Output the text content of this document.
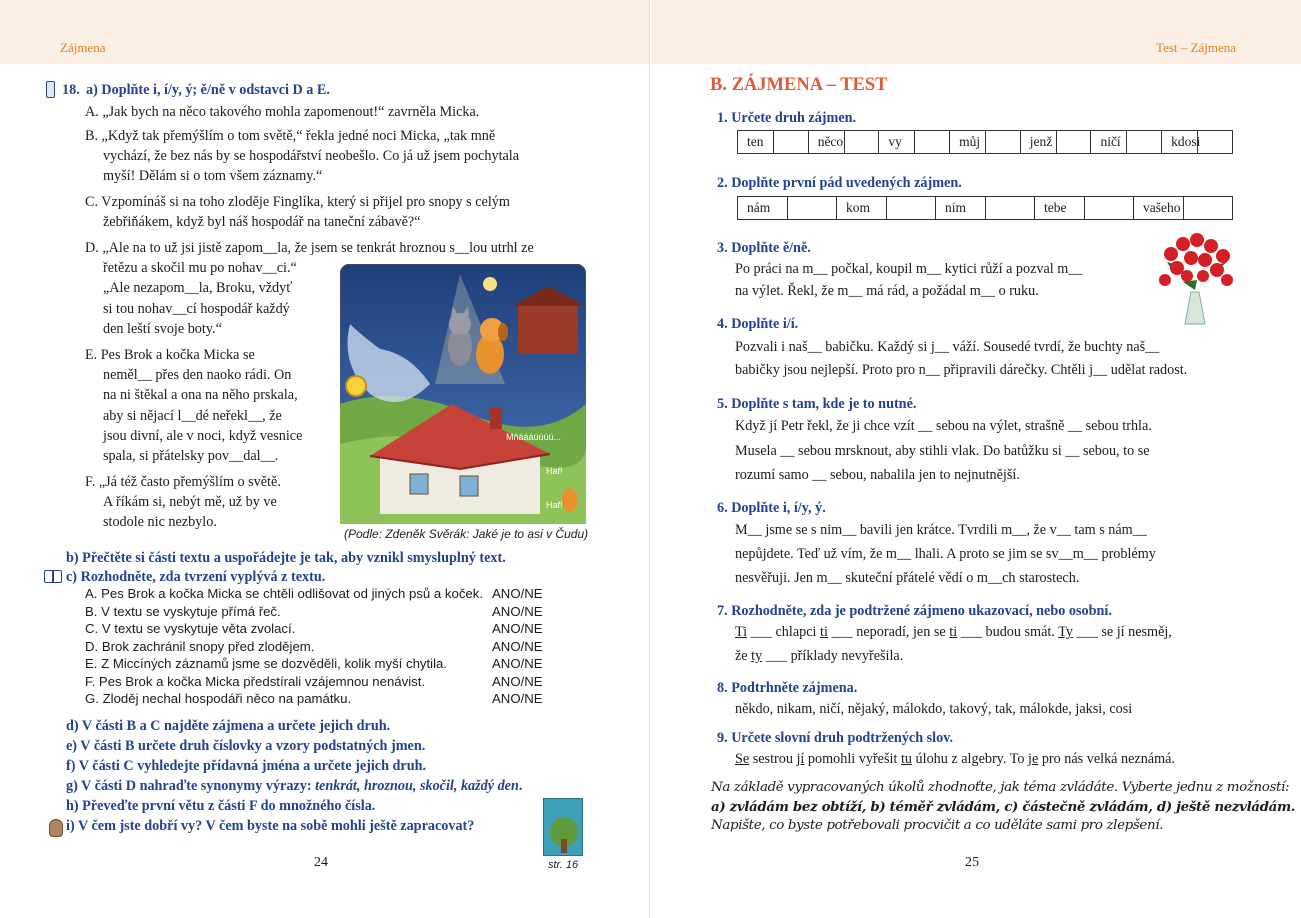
Zájmena
18. a) Doplňte i, í/y, ý; ě/ně v odstavci D a E.
A. „Jak bych na něco takového mohla zapomenout!“ zavrněla Micka.
B. „Když tak přemýšlím o tom světě,“ řekla jedné noci Micka, „tak mně
vychází, že bez nás by se hospodářství neobešlo. Co já už jsem pochytala
myší! Dělám si o tom všem záznamy.“
C. Vzpomínáš si na toho zloděje Finglíka, který si přijel pro snopy s celým
žebřiňákem, když byl náš hospodář na taneční zábavě?“
D. „Ale na to už jsi jistě zapom__la, že jsem se tenkrát hroznou s__lou utrhl ze
řetězu a skočil mu po nohav__ci.“
„Ale nezapom__la, Broku, vždyť
si tou nohav__cí hospodář každý
den leští svoje boty.“
E. Pes Brok a kočka Micka se
neměl__ přes den naoko rádi. On
na ni štěkal a ona na něho prskala,
aby si nějací l__dé neřekl__, že
jsou divní, ale v noci, když vesnice
spala, si přátelsky pov__dal__.
F. „Já též často přemýšlím o světě.
A říkám si, nebýt mě, už by ve
stodole nic nezbylo.
Mňáááúúúú...
Haf!
Haf!
(Podle: Zdeněk Svěrák: Jaké je to asi v Čudu)
b) Přečtěte si části textu a uspořádejte je tak, aby vznikl smysluplný text.
c) Rozhodněte, zda tvrzení vyplývá z textu.
A. Pes Brok a kočka Micka se chtěli odlišovat od jiných psů a koček. ANO/NE
B. V textu se vyskytuje přímá řeč.	ANO/NE
C. V textu se vyskytuje věta zvolací.	ANO/NE
D. Brok zachránil snopy před zlodějem.	ANO/NE
E. Z Miccíných záznamů jsme se dozvěděli, kolik myší chytila.	ANO/NE
F. Pes Brok a kočka Micka předstírali vzájemnou nenávist.	ANO/NE
G. Zloděj nechal hospodáři něco na památku.	ANO/NE
d) V části B a C najděte zájmena a určete jejich druh.
e) V části B určete druh číslovky a vzory podstatných jmen.
f) V části C vyhledejte přídavná jména a určete jejich druh.
g) V části D nahraďte synonymy výrazy: tenkrát, hroznou, skočil, každý den.
h) Převeďte první větu z části F do množného čísla.
i) V čem jste dobří vy? V čem byste na sobě mohli ještě zapracovat?
str. 16
24
Test – Zájmena
B. ZÁJMENA – TEST
1. Určete druh zájmen.
ten	něco	vy	můj	jenž	ničí	kdosi
2. Doplňte první pád uvedených zájmen.
nám	kom	ním	tebe	vašeho
3. Doplňte ě/ně.
Po práci na m__ počkal, koupil m__ kytici růží a pozval m__
na výlet. Řekl, že m__ má rád, a požádal m__ o ruku.
4. Doplňte i/í.
Pozvali i naš__ babičku. Každý si j__ váží. Sousedé tvrdí, že buchty naš__
babičky jsou nejlepší. Proto pro n__ připravili dárečky. Chtěli j__ udělat radost.
5. Doplňte s tam, kde je to nutné.
Když jí Petr řekl, že ji chce vzít __ sebou na výlet, strašně __ sebou trhla.
Musela __ sebou mrsknout, aby stihli vlak. Do batůžku si __ sebou, to se
rozumí samo __ sebou, nabalila jen to nejnutnější.
6. Doplňte i, í/y, ý.
M__ jsme se s nim__ bavili jen krátce. Tvrdili m__, že v__ tam s nám__
nepůjdete. Teď už vím, že m__ lhali. A proto se jim se sv__m__ problémy
nesvěřuji. Jen m__ skuteční přátelé vědí o m__ch starostech.
7. Rozhodněte, zda je podtržené zájmeno ukazovací, nebo osobní.
Ti ___ chlapci ti ___ neporadí, jen se ti ___ budou smát. Ty ___ se jí nesměj,
že ty ___ příklady nevyřešila.
8. Podtrhněte zájmena.
někdo, nikam, ničí, nějaký, málokdo, takový, tak, málokde, jaksi, cosi
9. Určete slovní druh podtržených slov.
Se sestrou jí pomohli vyřešit tu úlohu z algebry. To je pro nás velká neznámá.
Na základě vypracovaných úkolů zhodnoťte, jak téma zvládáte. Vyberte jednu z možností:
a) zvládám bez obtíží, b) téměř zvládám, c) částečně zvládám, d) ještě nezvládám.
Napište, co byste potřebovali procvičit a co uděláte sami pro zlepšení.
25
